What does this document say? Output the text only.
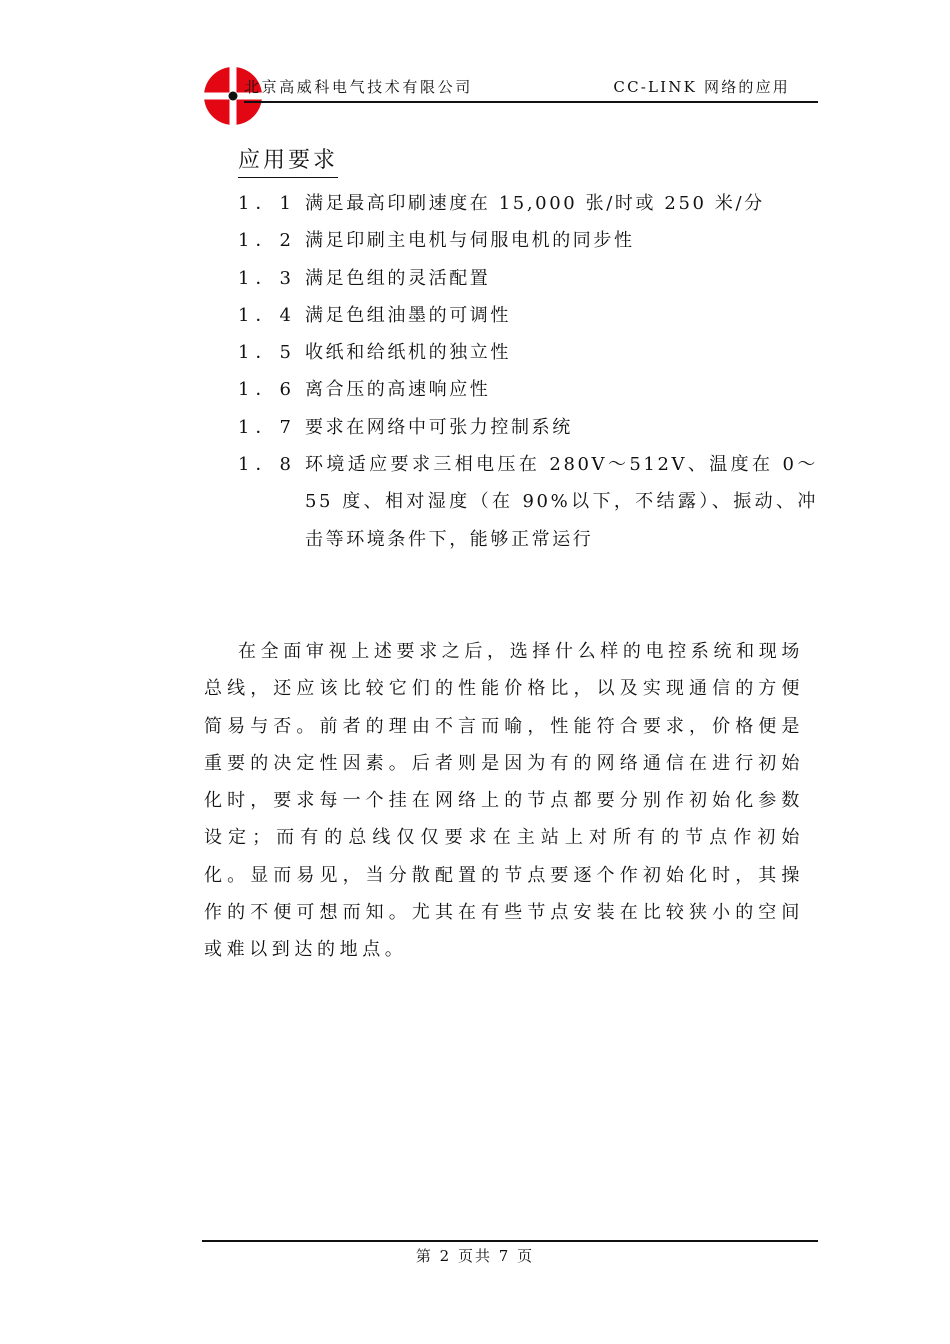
北京高威科电气技术有限公司	CC-LINK 网络的应用
应用要求
1．1 满足最高印刷速度在 15,000 张/时或 250 米/分
1．2 满足印刷主电机与伺服电机的同步性
1．3 满足色组的灵活配置
1．4 满足色组油墨的可调性
1．5 收纸和给纸机的独立性
1．6 离合压的高速响应性
1．7 要求在网络中可张力控制系统
1．8 环境适应要求三相电压在 280V～512V、温度在 0～55 度、相对湿度（在 90%以下，不结露）、振动、冲击等环境条件下，能够正常运行
在全面审视上述要求之后，选择什么样的电控系统和现场总线，还应该比较它们的性能价格比，以及实现通信的方便简易与否。前者的理由不言而喻，性能符合要求，价格便是重要的决定性因素。后者则是因为有的网络通信在进行初始化时，要求每一个挂在网络上的节点都要分别作初始化参数设定；而有的总线仅仅要求在主站上对所有的节点作初始化。显而易见，当分散配置的节点要逐个作初始化时，其操作的不便可想而知。尤其在有些节点安装在比较狭小的空间或难以到达的地点。
第 2 页共 7 页
